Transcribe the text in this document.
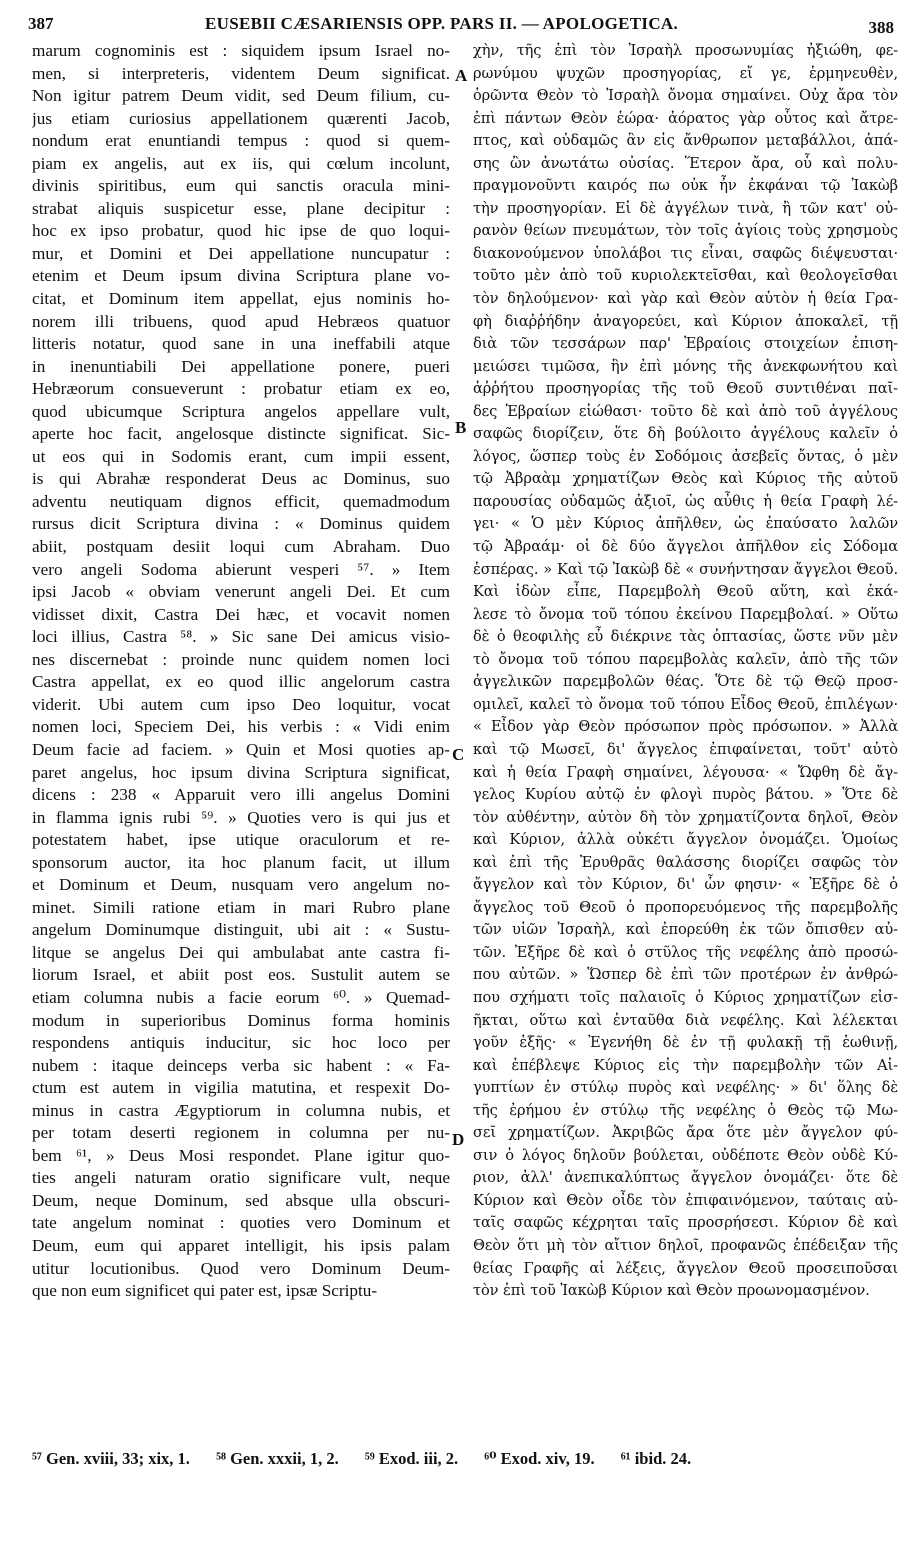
387	EUSEBII CÆSARIENSIS OPP. PARS II. — APOLOGETICA.	388
marum cognominis est : siquidem ipsum Israel no-
men, si interpreteris, videntem Deum significat.
Non igitur patrem Deum vidit, sed Deum filium, cu-
jus etiam curiosius appellationem quærenti Jacob,
nondum erat enuntiandi tempus : quod si quem-
piam ex angelis, aut ex iis, qui cœlum incolunt,
divinis spiritibus, eum qui sanctis oracula mini-
strabat aliquis suspicetur esse, plane decipitur :
hoc ex ipso probatur, quod hic ipse de quo loqui-
mur, et Domini et Dei appellatione nuncupatur :
etenim et Deum ipsum divina Scriptura plane vo-
citat, et Dominum item appellat, ejus nominis ho-
norem illi tribuens, quod apud Hebræos quatuor
litteris notatur, quod sane in una ineffabili atque
in inenuntiabili Dei appellatione ponere, pueri
Hebræorum consueverunt : probatur etiam ex eo,
quod ubicumque Scriptura angelos appellare vult,
aperte hoc facit, angelosque distincte significat. Sic-
ut eos qui in Sodomis erant, cum impii essent,
is qui Abrahæ responderat Deus ac Dominus, suo
adventu neutiquam dignos efficit, quemadmodum
rursus dicit Scriptura divina : « Dominus quidem
abiit, postquam desiit loqui cum Abraham. Duo
vero angeli Sodoma abierunt vesperi ⁵⁷. » Item
ipsi Jacob « obviam venerunt angeli Dei. Et cum
vidisset dixit, Castra Dei hæc, et vocavit nomen
loci illius, Castra ⁵⁸. » Sic sane Dei amicus visio-
nes discernebat : proinde nunc quidem nomen loci
Castra appellat, ex eo quod illic angelorum castra
viderit. Ubi autem cum ipso Deo loquitur, vocat
nomen loci, Speciem Dei, his verbis : « Vidi enim
Deum facie ad faciem. » Quin et Mosi quoties ap-
paret angelus, hoc ipsum divina Scriptura significat,
dicens : 238 « Apparuit vero illi angelus Domini
in flamma ignis rubi ⁵⁹. » Quoties vero is qui jus et
potestatem habet, ipse utique oraculorum et re-
sponsorum auctor, ita hoc planum facit, ut illum
et Dominum et Deum, nusquam vero angelum no-
minet. Simili ratione etiam in mari Rubro plane
angelum Dominumque distinguit, ubi ait : « Sustu-
litque se angelus Dei qui ambulabat ante castra fi-
liorum Israel, et abiit post eos. Sustulit autem se
etiam columna nubis a facie eorum ⁶⁰. » Quemad-
modum in superioribus Dominus forma hominis
respondens antiquis inducitur, sic hoc loco per
nubem : itaque deinceps verba sic habent : « Fa-
ctum est autem in vigilia matutina, et respexit Do-
minus in castra Ægyptiorum in columna nubis, et
per totam deserti regionem in columna per nu-
bem ⁶¹, » Deus Mosi respondet. Plane igitur quo-
ties angeli naturam oratio significare vult, neque
Deum, neque Dominum, sed absque ulla obscuri-
tate angelum nominat : quoties vero Dominum et
Deum, eum qui apparet intelligit, his ipsis palam
utitur locutionibus. Quod vero Dominum Deum-
que non eum significet qui pater est, ipsæ Scriptu-
χὴν, τῆς ἐπὶ τὸν Ἰσραὴλ προσωνυμίας ἠξιώθη, φε-
ρωνύμου ψυχῶν προσηγορίας, εἴ γε, ἑρμηνευθὲν,
ὁρῶντα Θεὸν τὸ Ἰσραὴλ ὄνομα σημαίνει. Οὐχ ἄρα τὸν
ἐπὶ πάντων Θεὸν ἑώρα· ἀόρατος γὰρ οὗτος καὶ ἄτρε-
πτος, καὶ οὐδαμῶς ἂν εἰς ἄνθρωπον μεταβάλλοι, ἁπά-
σης ὢν ἀνωτάτω οὐσίας. Ἕτερον ἄρα, οὗ καὶ πολυ-
πραγμονοῦντι καιρός πω οὐκ ἦν ἐκφάναι τῷ Ἰακὼβ
τὴν προσηγορίαν. Εἰ δὲ ἀγγέλων τινὰ, ἢ τῶν κατ' οὐ-
ρανὸν θείων πνευμάτων, τὸν τοῖς ἁγίοις τοὺς χρησμοὺς
διακονούμενον ὑπολάβοι τις εἶναι, σαφῶς διέψευσται·
τοῦτο μὲν ἀπὸ τοῦ κυριολεκτεῖσθαι, καὶ θεολογεῖσθαι
τὸν δηλούμενον· καὶ γὰρ καὶ Θεὸν αὐτὸν ἡ θεία Γρα-
φὴ διαῤῥήδην ἀναγορεύει, καὶ Κύριον ἀποκαλεῖ, τῇ
διὰ τῶν τεσσάρων παρ' Ἑβραίοις στοιχείων ἐπιση-
μειώσει τιμῶσα, ἣν ἐπὶ μόνης τῆς ἀνεκφωνήτου καὶ
ἀῤῥήτου προσηγορίας τῆς τοῦ Θεοῦ συντιθέναι παῖ-
δες Ἑβραίων εἰώθασι· τοῦτο δὲ καὶ ἀπὸ τοῦ ἀγγέλους
σαφῶς διορίζειν, ὅτε δὴ βούλοιτο ἀγγέλους καλεῖν ὁ
λόγος, ὥσπερ τοὺς ἐν Σοδόμοις ἀσεβεῖς ὄντας, ὁ μὲν
τῷ Ἀβραὰμ χρηματίζων Θεὸς καὶ Κύριος τῆς αὐτοῦ
παρουσίας οὐδαμῶς ἀξιοῖ, ὡς αὖθις ἡ θεία Γραφὴ λέ-
γει· « Ὁ μὲν Κύριος ἀπῆλθεν, ὡς ἐπαύσατο λαλῶν
τῷ Ἀβραάμ· οἱ δὲ δύο ἄγγελοι ἀπῆλθον εἰς Σόδομα
ἑσπέρας. » Καὶ τῷ Ἰακὼβ δὲ « συνήντησαν ἄγγελοι Θεοῦ.
Καὶ ἰδὼν εἶπε, Παρεμβολὴ Θεοῦ αὕτη, καὶ ἐκά-
λεσε τὸ ὄνομα τοῦ τόπου ἐκείνου Παρεμβολαί. » Οὕτω
δὲ ὁ θεοφιλὴς εὖ διέκρινε τὰς ὀπτασίας, ὥστε νῦν μὲν
τὸ ὄνομα τοῦ τόπου παρεμβολὰς καλεῖν, ἀπὸ τῆς τῶν
ἀγγελικῶν παρεμβολῶν θέας. Ὅτε δὲ τῷ Θεῷ προσ-
ομιλεῖ, καλεῖ τὸ ὄνομα τοῦ τόπου Εἶδος Θεοῦ, ἐπιλέγων·
« Εἶδον γὰρ Θεὸν πρόσωπον πρὸς πρόσωπον. » Ἀλλὰ
καὶ τῷ Μωσεῖ, δι' ἄγγελος ἐπιφαίνεται, τοῦτ' αὐτὸ
καὶ ἡ θεία Γραφὴ σημαίνει, λέγουσα· « Ὤφθη δὲ ἄγ-
γελος Κυρίου αὐτῷ ἐν φλογὶ πυρὸς βάτου. » Ὅτε δὲ
τὸν αὐθέντην, αὐτὸν δὴ τὸν χρηματίζοντα δηλοῖ, Θεὸν
καὶ Κύριον, ἀλλὰ οὐκέτι ἄγγελον ὀνομάζει. Ὁμοίως
καὶ ἐπὶ τῆς Ἐρυθρᾶς θαλάσσης διορίζει σαφῶς τὸν
ἄγγελον καὶ τὸν Κύριον, δι' ὧν φησιν· « Ἐξῆρε δὲ ὁ
ἄγγελος τοῦ Θεοῦ ὁ προπορευόμενος τῆς παρεμβολῆς
τῶν υἱῶν Ἰσραὴλ, καὶ ἐπορεύθη ἐκ τῶν ὄπισθεν αὐ-
τῶν. Ἐξῆρε δὲ καὶ ὁ στῦλος τῆς νεφέλης ἀπὸ προσώ-
που αὐτῶν. » Ὥσπερ δὲ ἐπὶ τῶν προτέρων ἐν ἀνθρώ-
που σχήματι τοῖς παλαιοῖς ὁ Κύριος χρηματίζων εἰσ-
ῆκται, οὕτω καὶ ἐνταῦθα διὰ νεφέλης. Καὶ λέλεκται
γοῦν ἑξῆς· « Ἐγενήθη δὲ ἐν τῇ φυλακῇ τῇ ἑωθινῇ,
καὶ ἐπέβλεψε Κύριος εἰς τὴν παρεμβολὴν τῶν Αἰ-
γυπτίων ἐν στύλῳ πυρὸς καὶ νεφέλης· » δι' ὅλης δὲ
τῆς ἐρήμου ἐν στύλῳ τῆς νεφέλης ὁ Θεὸς τῷ Μω-
σεῖ χρηματίζων. Ἀκριβῶς ἄρα ὅτε μὲν ἄγγελον φύ-
σιν ὁ λόγος δηλοῦν βούλεται, οὐδέποτε Θεὸν οὐδὲ Κύ-
ριον, ἀλλ' ἀνεπικαλύπτως ἄγγελον ὀνομάζει· ὅτε δὲ
Κύριον καὶ Θεὸν οἶδε τὸν ἐπιφαινόμενον, ταύταις αὐ-
ταῖς σαφῶς κέχρηται ταῖς προσρήσεσι. Κύριον δὲ καὶ
Θεὸν ὅτι μὴ τὸν αἴτιον δηλοῖ, προφανῶς ἐπέδειξαν τῆς
θείας Γραφῆς αἱ λέξεις, ἄγγελον Θεοῦ προσειποῦσαι
τὸν ἐπὶ τοῦ Ἰακὼβ Κύριον καὶ Θεὸν προωνομασμένον.
A
B
C
D
⁵⁷ Gen. xviii, 33; xix, 1. ⁵⁸ Gen. xxxii, 1, 2. ⁵⁹ Exod. iii, 2. ⁶⁰ Exod. xiv, 19. ⁶¹ ibid. 24.
